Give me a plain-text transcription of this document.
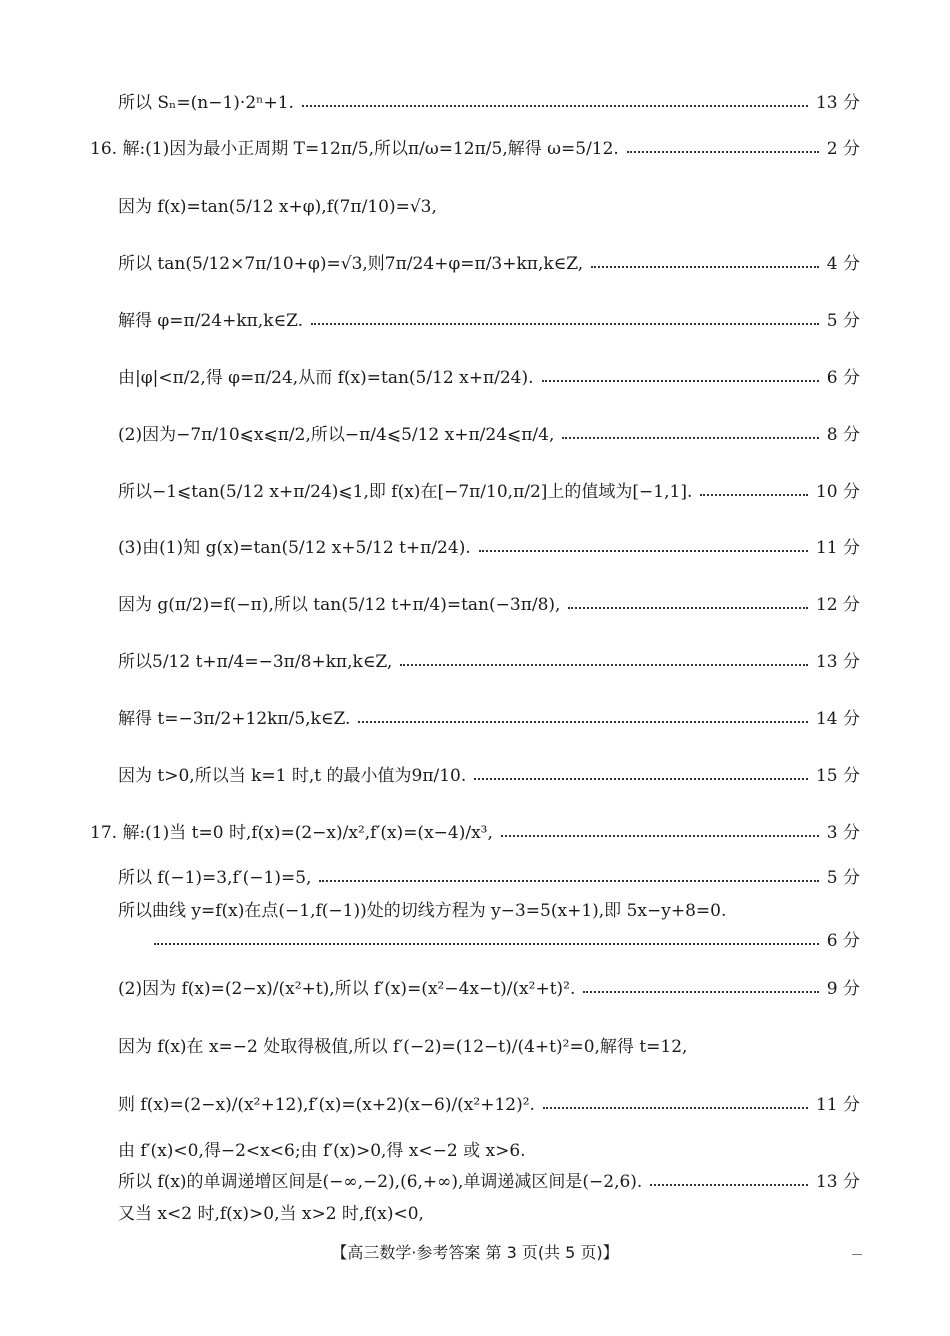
所以 Sₙ=(n−1)·2ⁿ+1.	13 分
16. 解:(1)因为最小正周期 T=12π/5,所以π/ω=12π/5,解得 ω=5/12.	2 分
因为 f(x)=tan(5/12 x+φ),f(7π/10)=√3,
所以 tan(5/12×7π/10+φ)=√3,则7π/24+φ=π/3+kπ,k∈Z,	4 分
解得 φ=π/24+kπ,k∈Z.	5 分
由|φ|<π/2,得 φ=π/24,从而 f(x)=tan(5/12 x+π/24).	6 分
(2)因为−7π/10⩽x⩽π/2,所以−π/4⩽5/12 x+π/24⩽π/4,	8 分
所以−1⩽tan(5/12 x+π/24)⩽1,即 f(x)在[−7π/10,π/2]上的值域为[−1,1].	10 分
(3)由(1)知 g(x)=tan(5/12 x+5/12 t+π/24).	11 分
因为 g(π/2)=f(−π),所以 tan(5/12 t+π/4)=tan(−3π/8),	12 分
所以5/12 t+π/4=−3π/8+kπ,k∈Z,	13 分
解得 t=−3π/2+12kπ/5,k∈Z.	14 分
因为 t>0,所以当 k=1 时,t 的最小值为9π/10.	15 分
17. 解:(1)当 t=0 时,f(x)=(2−x)/x²,f′(x)=(x−4)/x³,	3 分
所以 f(−1)=3,f′(−1)=5,	5 分
所以曲线 y=f(x)在点(−1,f(−1))处的切线方程为 y−3=5(x+1),即 5x−y+8=0.
6 分
(2)因为 f(x)=(2−x)/(x²+t),所以 f′(x)=(x²−4x−t)/(x²+t)².	9 分
因为 f(x)在 x=−2 处取得极值,所以 f′(−2)=(12−t)/(4+t)²=0,解得 t=12,
则 f(x)=(2−x)/(x²+12),f′(x)=(x+2)(x−6)/(x²+12)².	11 分
由 f′(x)<0,得−2<x<6;由 f′(x)>0,得 x<−2 或 x>6.
所以 f(x)的单调递增区间是(−∞,−2),(6,+∞),单调递减区间是(−2,6).	13 分
又当 x<2 时,f(x)>0,当 x>2 时,f(x)<0,
【高三数学·参考答案 第 3 页(共 5 页)】
